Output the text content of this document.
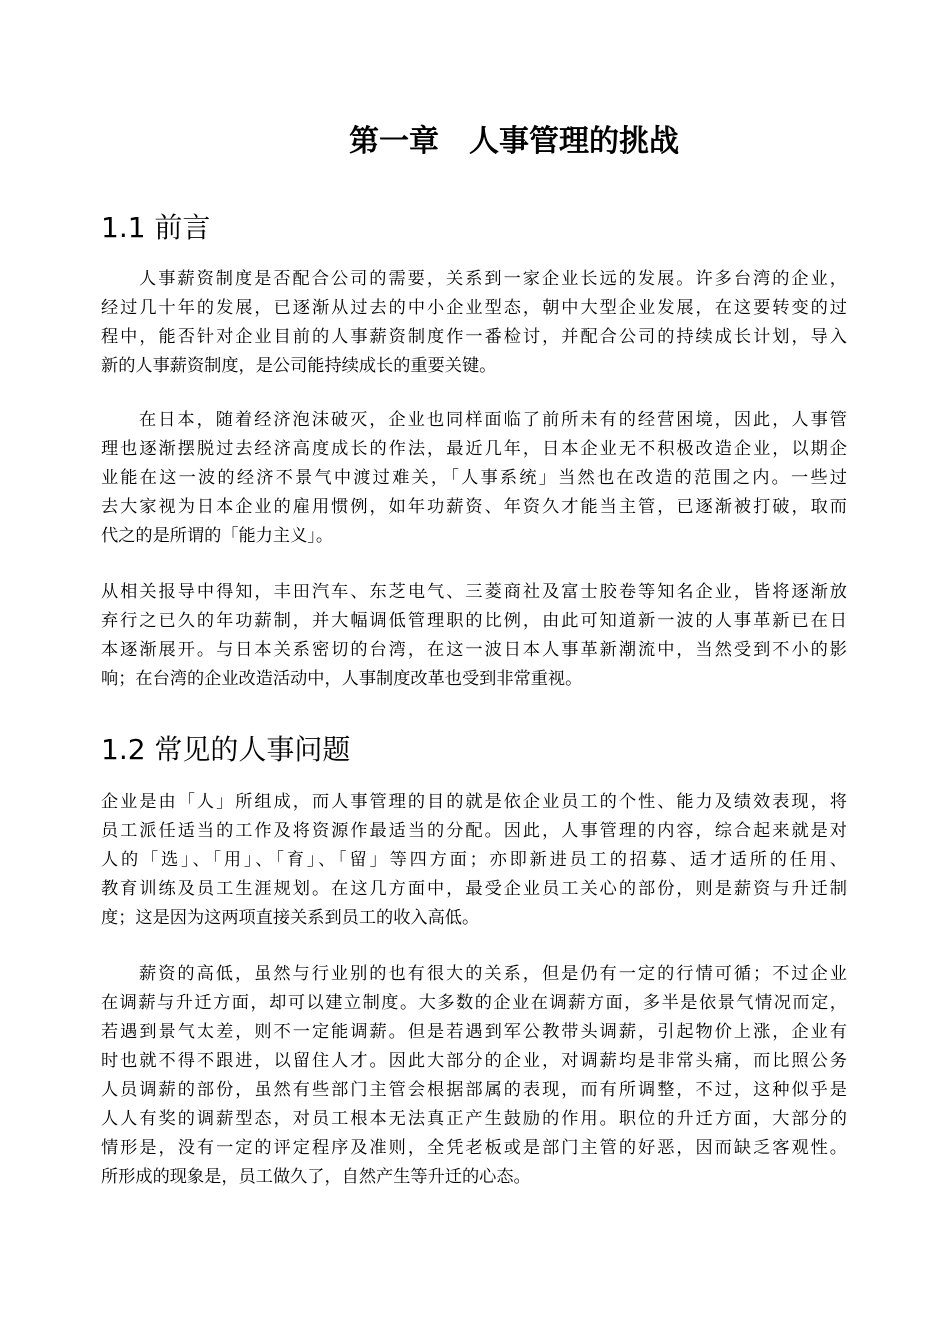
第一章　人事管理的挑战
1.1 前言
人事薪资制度是否配合公司的需要，关系到一家企业长远的发展。许多台湾的企业，
经过几十年的发展，已逐渐从过去的中小企业型态，朝中大型企业发展，在这要转变的过
程中，能否针对企业目前的人事薪资制度作一番检讨，并配合公司的持续成长计划，导入
新的人事薪资制度，是公司能持续成长的重要关键。
在日本，随着经济泡沫破灭，企业也同样面临了前所未有的经营困境，因此，人事管
理也逐渐摆脱过去经济高度成长的作法，最近几年，日本企业无不积极改造企业，以期企
业能在这一波的经济不景气中渡过难关，「人事系统」当然也在改造的范围之内。一些过
去大家视为日本企业的雇用惯例，如年功薪资、年资久才能当主管，已逐渐被打破，取而
代之的是所谓的「能力主义」。
从相关报导中得知，丰田汽车、东芝电气、三菱商社及富士胶卷等知名企业，皆将逐渐放
弃行之已久的年功薪制，并大幅调低管理职的比例，由此可知道新一波的人事革新已在日
本逐渐展开。与日本关系密切的台湾，在这一波日本人事革新潮流中，当然受到不小的影
响；在台湾的企业改造活动中，人事制度改革也受到非常重视。
1.2 常见的人事问题
企业是由「人」所组成，而人事管理的目的就是依企业员工的个性、能力及绩效表现，将
员工派任适当的工作及将资源作最适当的分配。因此，人事管理的内容，综合起来就是对
人的「选」、「用」、「育」、「留」等四方面；亦即新进员工的招募、适才适所的任用、
教育训练及员工生涯规划。在这几方面中，最受企业员工关心的部份，则是薪资与升迁制
度；这是因为这两项直接关系到员工的收入高低。
薪资的高低，虽然与行业别的也有很大的关系，但是仍有一定的行情可循；不过企业
在调薪与升迁方面，却可以建立制度。大多数的企业在调薪方面，多半是依景气情况而定，
若遇到景气太差，则不一定能调薪。但是若遇到军公教带头调薪，引起物价上涨，企业有
时也就不得不跟进，以留住人才。因此大部分的企业，对调薪均是非常头痛，而比照公务
人员调薪的部份，虽然有些部门主管会根据部属的表现，而有所调整，不过，这种似乎是
人人有奖的调薪型态，对员工根本无法真正产生鼓励的作用。职位的升迁方面，大部分的
情形是，没有一定的评定程序及准则，全凭老板或是部门主管的好恶，因而缺乏客观性。
所形成的现象是，员工做久了，自然产生等升迁的心态。
